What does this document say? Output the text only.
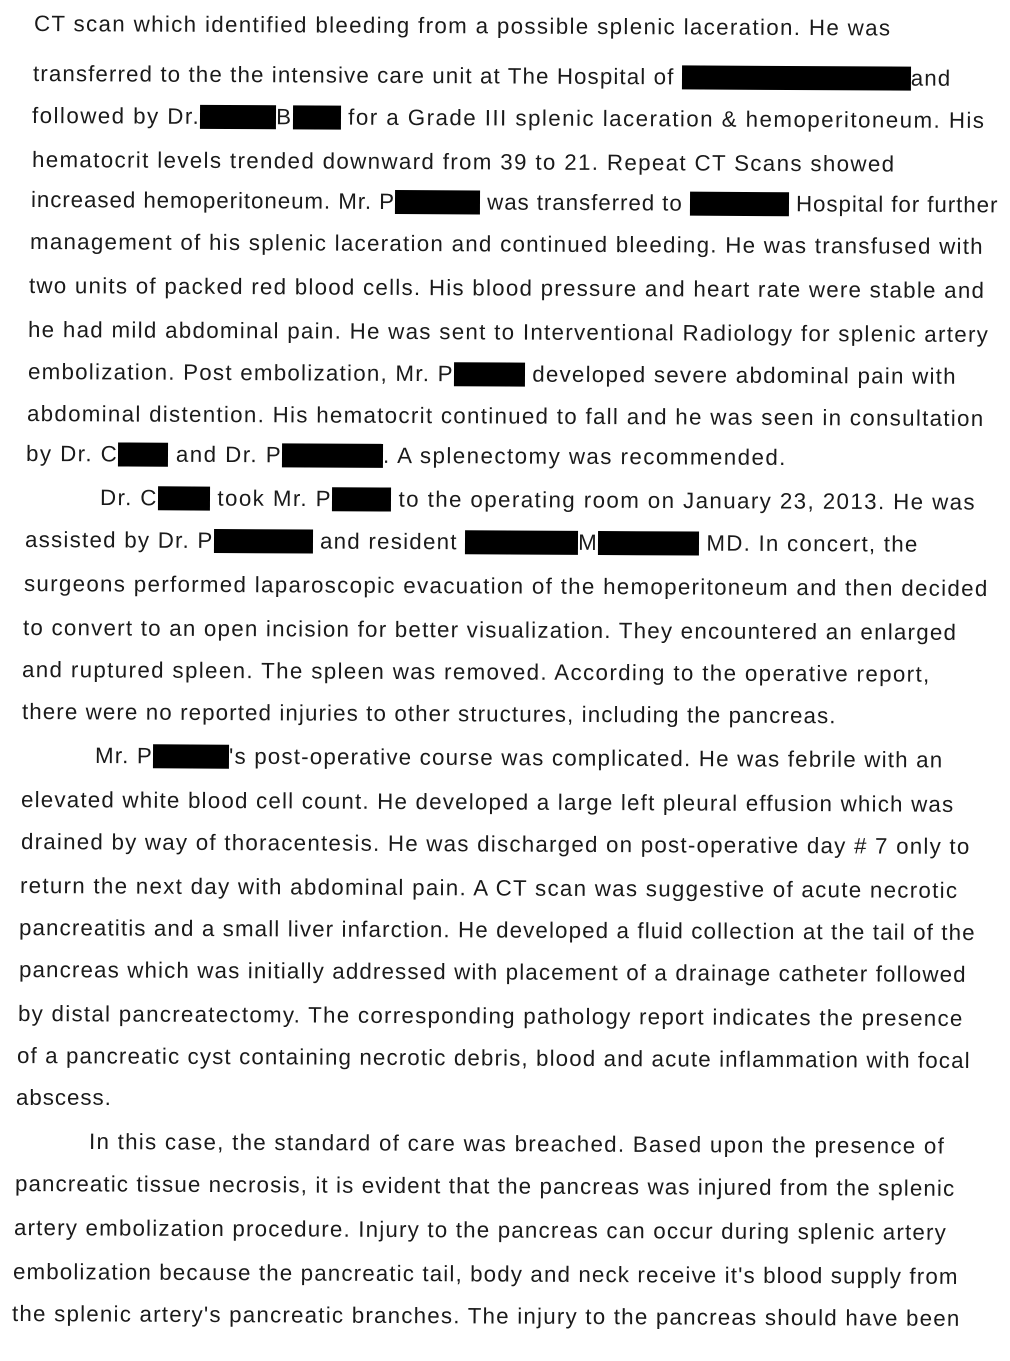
CT scan which identified bleeding from a possible splenic laceration. He was
transferred to the the intensive care unit at The Hospital of	and
followed by Dr.	B for a Grade III splenic laceration & hemoperitoneum. His
hematocrit levels trended downward from 39 to 21. Repeat CT Scans showed
increased hemoperitoneum. Mr. P	was transferred to	Hospital for further
management of his splenic laceration and continued bleeding. He was transfused with
two units of packed red blood cells. His blood pressure and heart rate were stable and
he had mild abdominal pain. He was sent to Interventional Radiology for splenic artery
embolization. Post embolization, Mr. P	developed severe abdominal pain with
abdominal distention. His hematocrit continued to fall and he was seen in consultation
by Dr. C and Dr. P	. A splenectomy was recommended.
Dr. C took Mr. P	to the operating room on January 23, 2013. He was
assisted by Dr. P	and resident	M	MD. In concert, the
surgeons performed laparoscopic evacuation of the hemoperitoneum and then decided
to convert to an open incision for better visualization. They encountered an enlarged
and ruptured spleen. The spleen was removed. According to the operative report,
there were no reported injuries to other structures, including the pancreas.
Mr. P	's post-operative course was complicated. He was febrile with an
elevated white blood cell count. He developed a large left pleural effusion which was
drained by way of thoracentesis. He was discharged on post-operative day # 7 only to
return the next day with abdominal pain. A CT scan was suggestive of acute necrotic
pancreatitis and a small liver infarction. He developed a fluid collection at the tail of the
pancreas which was initially addressed with placement of a drainage catheter followed
by distal pancreatectomy. The corresponding pathology report indicates the presence
of a pancreatic cyst containing necrotic debris, blood and acute inflammation with focal
abscess.
In this case, the standard of care was breached. Based upon the presence of
pancreatic tissue necrosis, it is evident that the pancreas was injured from the splenic
artery embolization procedure. Injury to the pancreas can occur during splenic artery
embolization because the pancreatic tail, body and neck receive it's blood supply from
the splenic artery's pancreatic branches. The injury to the pancreas should have been
